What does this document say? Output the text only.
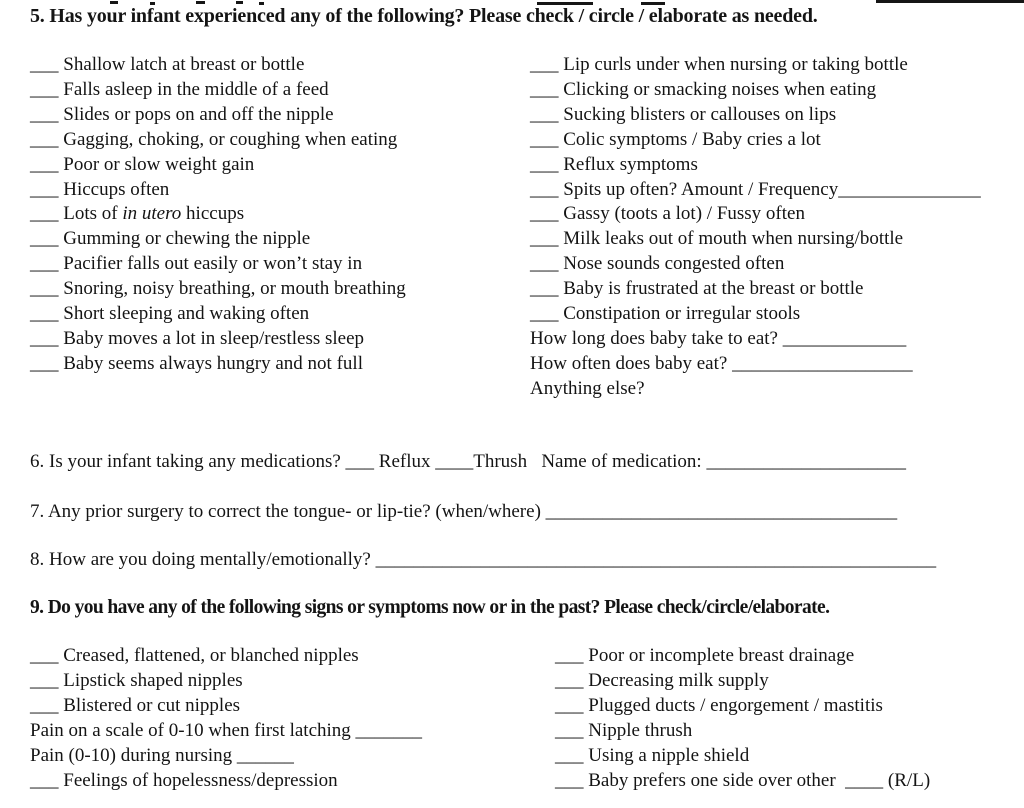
5. Has your infant experienced any of the following? Please check / circle / elaborate as needed.
___ Shallow latch at breast or bottle
___ Falls asleep in the middle of a feed
___ Slides or pops on and off the nipple
___ Gagging, choking, or coughing when eating
___ Poor or slow weight gain
___ Hiccups often
___ Lots of in utero hiccups
___ Gumming or chewing the nipple
___ Pacifier falls out easily or won’t stay in
___ Snoring, noisy breathing, or mouth breathing
___ Short sleeping and waking often
___ Baby moves a lot in sleep/restless sleep
___ Baby seems always hungry and not full
___ Lip curls under when nursing or taking bottle
___ Clicking or smacking noises when eating
___ Sucking blisters or callouses on lips
___ Colic symptoms / Baby cries a lot
___ Reflux symptoms
___ Spits up often? Amount / Frequency_______________
___ Gassy (toots a lot) / Fussy often
___ Milk leaks out of mouth when nursing/bottle
___ Nose sounds congested often
___ Baby is frustrated at the breast or bottle
___ Constipation or irregular stools
How long does baby take to eat? _____________
How often does baby eat? ___________________
Anything else?
6. Is your infant taking any medications? ___ Reflux ____Thrush   Name of medication: _____________________
7. Any prior surgery to correct the tongue- or lip-tie? (when/where) _____________________________________
8. How are you doing mentally/emotionally? ___________________________________________________________
9. Do you have any of the following signs or symptoms now or in the past? Please check/circle/elaborate.
___ Creased, flattened, or blanched nipples
___ Lipstick shaped nipples
___ Blistered or cut nipples
Pain on a scale of 0-10 when first latching _______
Pain (0-10) during nursing ______
___ Feelings of hopelessness/depression
___ Poor or incomplete breast drainage
___ Decreasing milk supply
___ Plugged ducts / engorgement / mastitis
___ Nipple thrush
___ Using a nipple shield
___ Baby prefers one side over other  ____ (R/L)
